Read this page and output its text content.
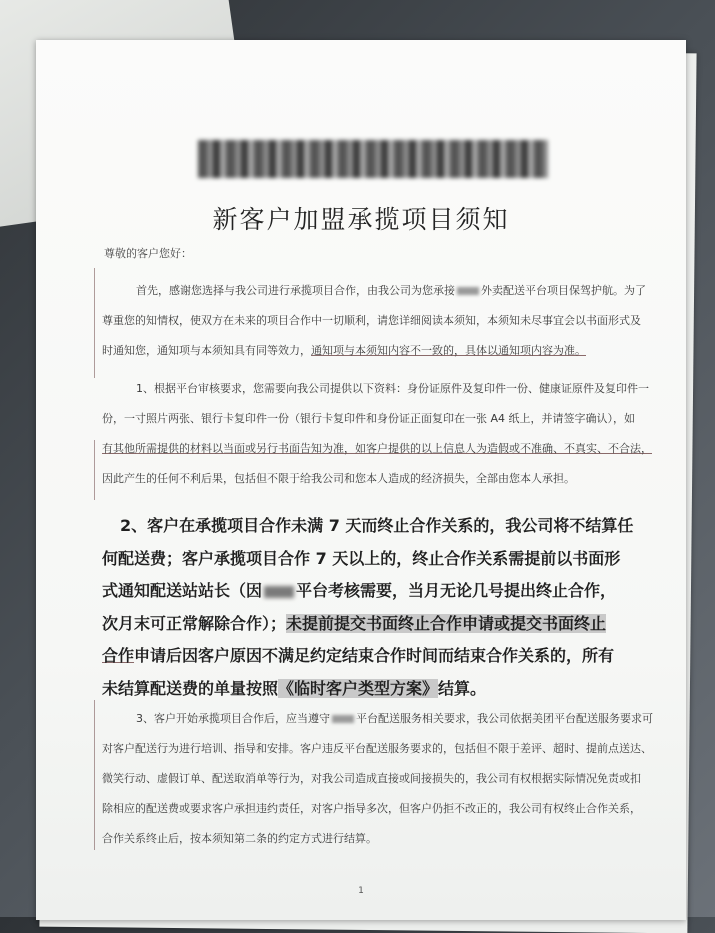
新客户加盟承揽项目须知
尊敬的客户您好：
首先，感谢您选择与我公司进行承揽项目合作，由我公司为您承接 外卖配送平台项目保驾护航。为了
尊重您的知情权，使双方在未来的项目合作中一切顺利，请您详细阅读本须知，本须知未尽事宜会以书面形式及
时通知您，通知项与本须知具有同等效力，通知项与本须知内容不一致的，具体以通知项内容为准。
1、根据平台审核要求，您需要向我公司提供以下资料：身份证原件及复印件一份、健康证原件及复印件一
份，一寸照片两张、银行卡复印件一份（银行卡复印件和身份证正面复印在一张 A4 纸上，并请签字确认），如
有其他所需提供的材料以当面或另行书面告知为准，如客户提供的以上信息人为造假或不准确、不真实、不合法，
因此产生的任何不利后果，包括但不限于给我公司和您本人造成的经济损失，全部由您本人承担。
2、客户在承揽项目合作未满 7 天而终止合作关系的，我公司将不结算任
何配送费；客户承揽项目合作 7 天以上的，终止合作关系需提前以书面形
式通知配送站站长（因 平台考核需要，当月无论几号提出终止合作，
次月末可正常解除合作）；未提前提交书面终止合作申请或提交书面终止
合作申请后因客户原因不满足约定结束合作时间而结束合作关系的，所有
未结算配送费的单量按照《临时客户类型方案》结算。
3、客户开始承揽项目合作后，应当遵守 平台配送服务相关要求，我公司依据美团平台配送服务要求可
对客户配送行为进行培训、指导和安排。客户违反平台配送服务要求的，包括但不限于差评、超时、提前点送达、
微笑行动、虚假订单、配送取消单等行为，对我公司造成直接或间接损失的，我公司有权根据实际情况免责或扣
除相应的配送费或要求客户承担违约责任，对客户指导多次，但客户仍拒不改正的，我公司有权终止合作关系，
合作关系终止后，按本须知第二条的约定方式进行结算。
1
